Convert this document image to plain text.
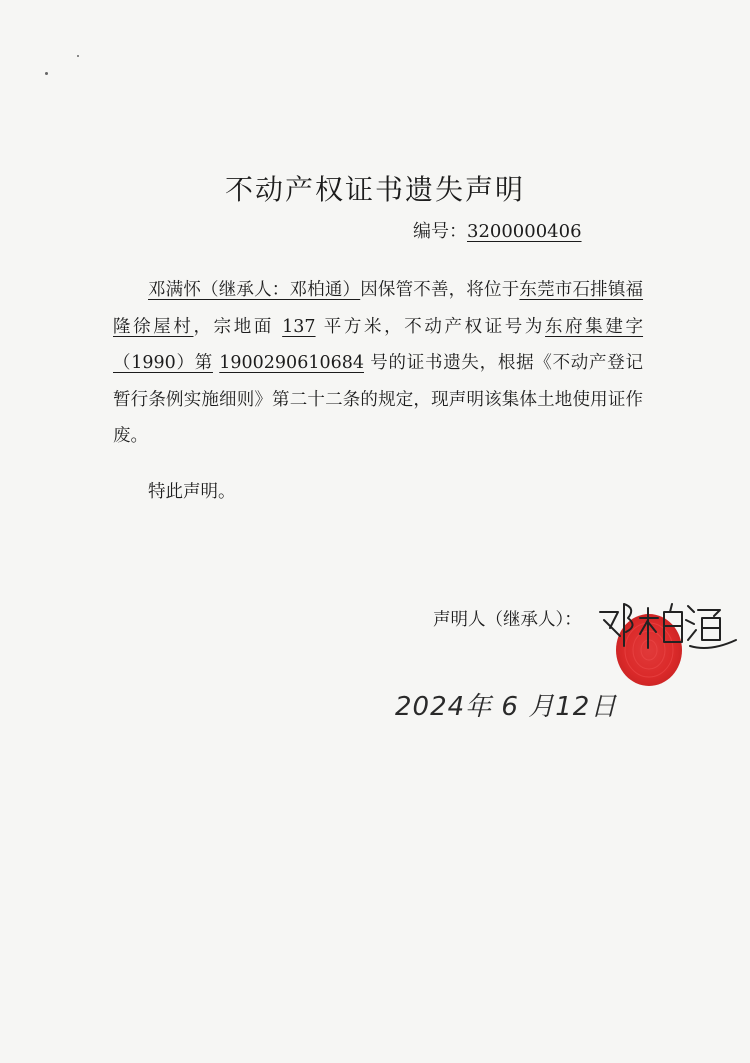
不动产权证书遗失声明
编号：3200000406

邓满怀（继承人：邓柏通）因保管不善，将位于东莞市石排镇福隆徐屋村，宗地面 137 平方米，不动产权证号为东府集建字（1990）第 1900290610684 号的证书遗失，根据《不动产登记暂行条例实施细则》第二十二条的规定，现声明该集体土地使用证作废。

特此声明。
声明人（继承人）：
2024年 6 月12日
